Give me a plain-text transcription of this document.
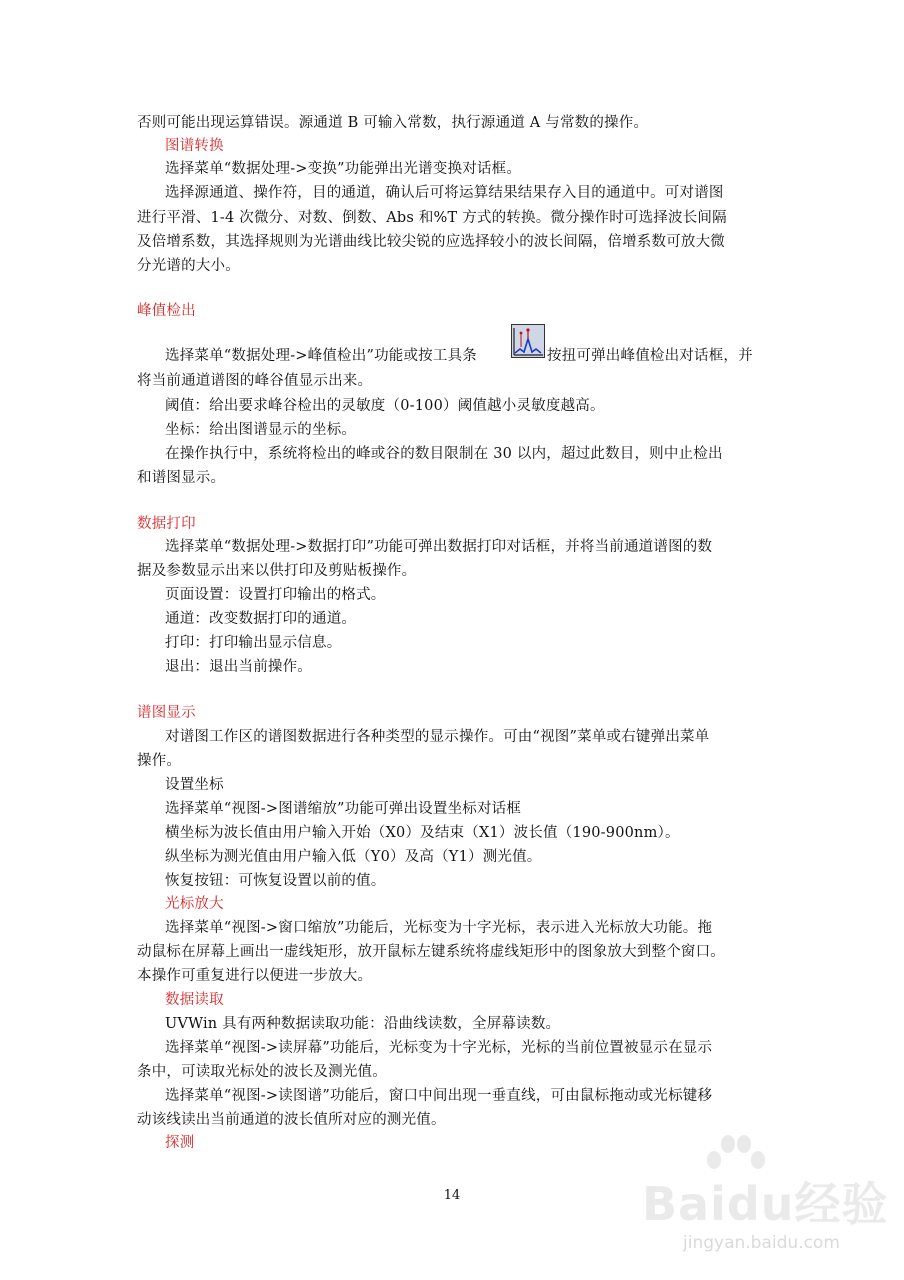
否则可能出现运算错误。源通道 B 可输入常数，执行源通道 A 与常数的操作。
图谱转换
选择菜单“数据处理->变换”功能弹出光谱变换对话框。
选择源通道、操作符，目的通道，确认后可将运算结果结果存入目的通道中。可对谱图
进行平滑、1-4 次微分、对数、倒数、Abs 和%T 方式的转换。微分操作时可选择波长间隔
及倍增系数，其选择规则为光谱曲线比较尖锐的应选择较小的波长间隔，倍增系数可放大微
分光谱的大小。
峰值检出
选择菜单“数据处理->峰值检出”功能或按工具条	按扭可弹出峰值检出对话框，并
将当前通道谱图的峰谷值显示出来。
阈值：给出要求峰谷检出的灵敏度（0-100）阈值越小灵敏度越高。
坐标：给出图谱显示的坐标。
在操作执行中，系统将检出的峰或谷的数目限制在 30 以内，超过此数目，则中止检出
和谱图显示。
数据打印
选择菜单“数据处理->数据打印”功能可弹出数据打印对话框，并将当前通道谱图的数
据及参数显示出来以供打印及剪贴板操作。
页面设置：设置打印输出的格式。
通道：改变数据打印的通道。
打印：打印输出显示信息。
退出：退出当前操作。
谱图显示
对谱图工作区的谱图数据进行各种类型的显示操作。可由“视图”菜单或右键弹出菜单
操作。
设置坐标
选择菜单“视图->图谱缩放”功能可弹出设置坐标对话框
横坐标为波长值由用户输入开始（X0）及结束（X1）波长值（190-900nm）。
纵坐标为测光值由用户输入低（Y0）及高（Y1）测光值。
恢复按钮：可恢复设置以前的值。
光标放大
选择菜单“视图->窗口缩放”功能后，光标变为十字光标，表示进入光标放大功能。拖
动鼠标在屏幕上画出一虚线矩形，放开鼠标左键系统将虚线矩形中的图象放大到整个窗口。
本操作可重复进行以便进一步放大。
数据读取
UVWin 具有两种数据读取功能：沿曲线读数，全屏幕读数。
选择菜单“视图->读屏幕”功能后，光标变为十字光标，光标的当前位置被显示在显示
条中，可读取光标处的波长及测光值。
选择菜单“视图->读图谱”功能后，窗口中间出现一垂直线，可由鼠标拖动或光标键移
动该线读出当前通道的波长值所对应的测光值。
探测
14	Baidu经验
jingyan.baidu.com
